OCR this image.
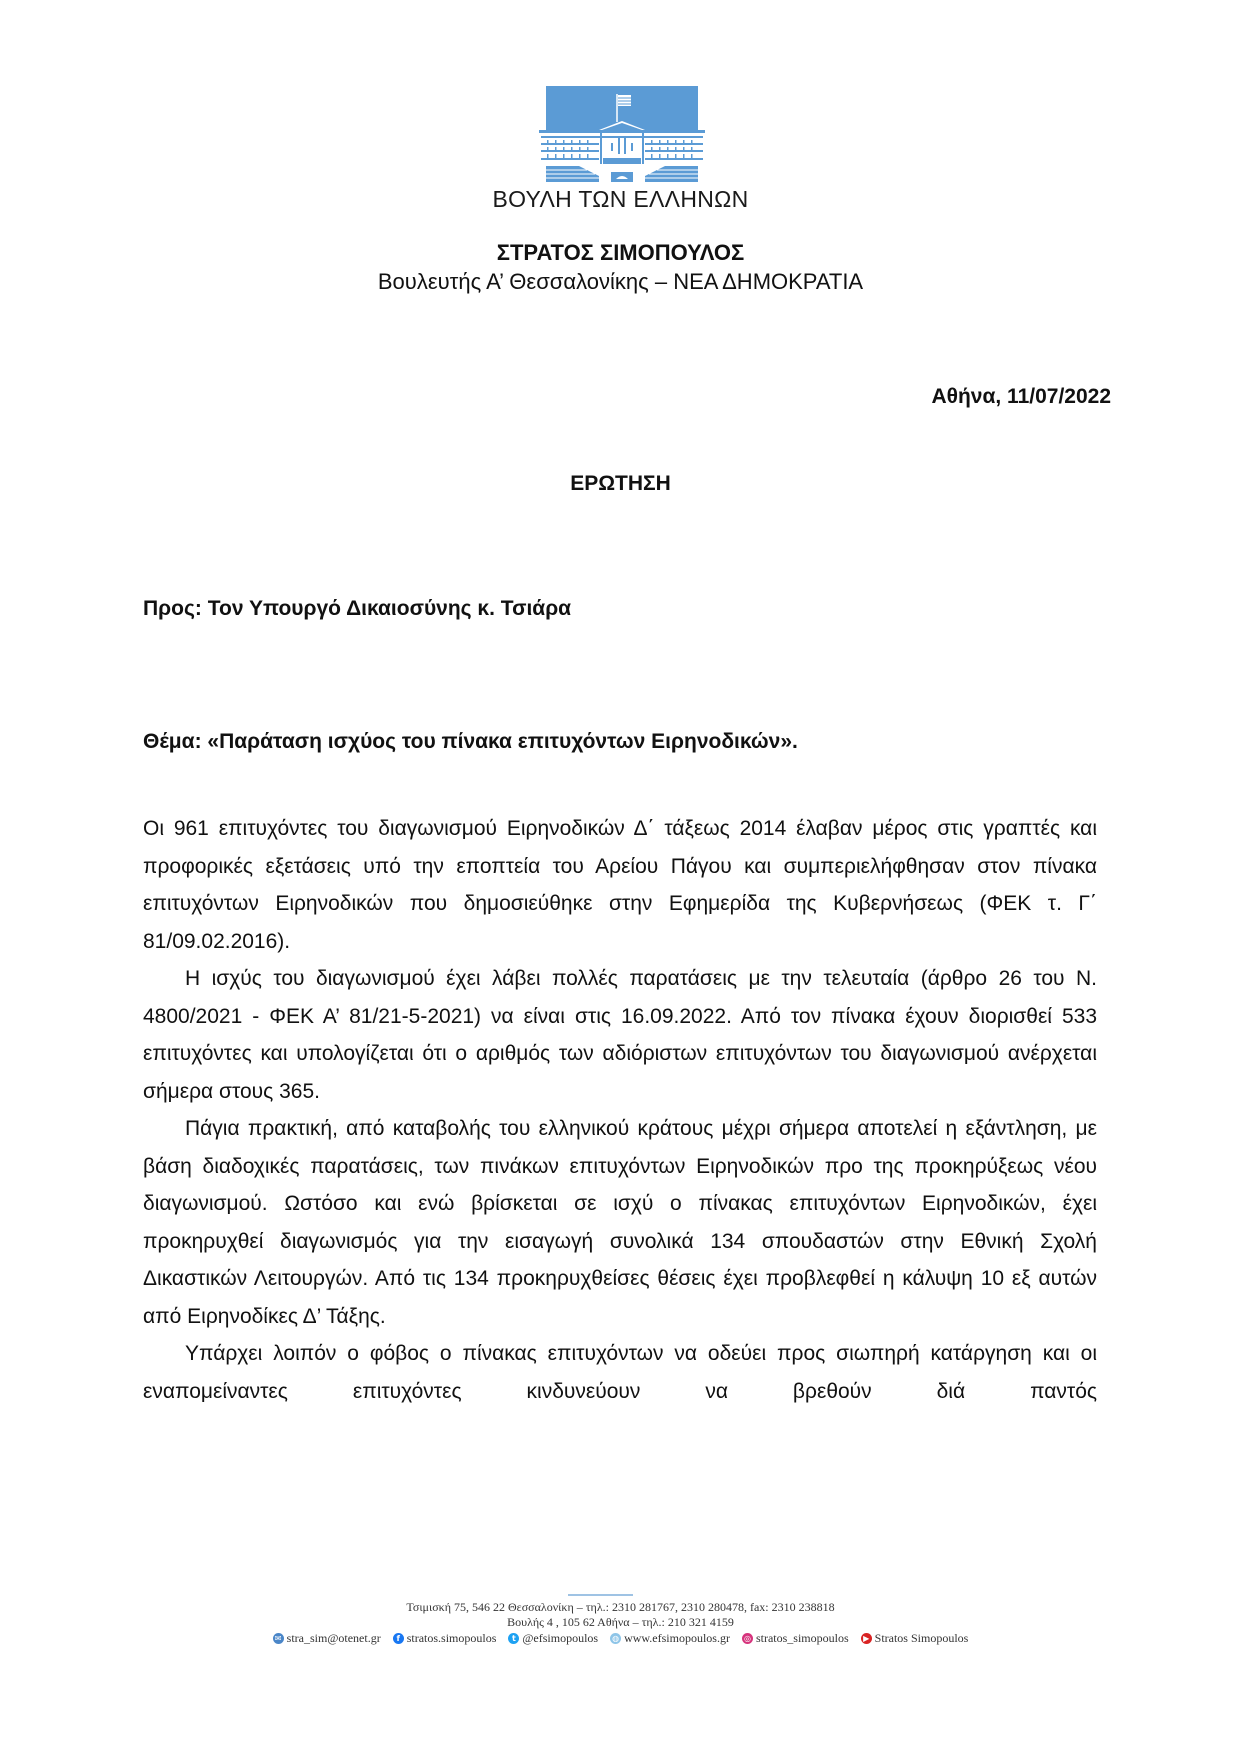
ΒΟΥΛΗ ΤΩΝ ΕΛΛΗΝΩΝ
ΣΤΡΑΤΟΣ ΣΙΜΟΠΟΥΛΟΣ
Βουλευτής Α’ Θεσσαλονίκης – ΝΕΑ ΔΗΜΟΚΡΑΤΙΑ
Αθήνα, 11/07/2022
ΕΡΩΤΗΣΗ
Προς: Τον Υπουργό Δικαιοσύνης κ. Τσιάρα
Θέμα: «Παράταση ισχύος του πίνακα επιτυχόντων Ειρηνοδικών».

Οι 961 επιτυχόντες του διαγωνισμού Ειρηνοδικών Δ΄ τάξεως 2014 έλαβαν μέρος στις γραπτές και προφορικές εξετάσεις υπό την εποπτεία του Αρείου Πάγου και συμπεριελήφθησαν στον πίνακα επιτυχόντων Ειρηνοδικών που δημοσιεύθηκε στην Εφημερίδα της Κυβερνήσεως (ΦΕΚ τ. Γ΄ 81/09.02.2016).

Η ισχύς του διαγωνισμού έχει λάβει πολλές παρατάσεις με την τελευταία (άρθρο 26 του Ν. 4800/2021 - ΦΕΚ Α’ 81/21-5-2021) να είναι στις 16.09.2022. Από τον πίνακα έχουν διορισθεί 533 επιτυχόντες και υπολογίζεται ότι ο αριθμός των αδιόριστων επιτυχόντων του διαγωνισμού ανέρχεται σήμερα στους 365.

Πάγια πρακτική, από καταβολής του ελληνικού κράτους μέχρι σήμερα αποτελεί η εξάντληση, με βάση διαδοχικές παρατάσεις, των πινάκων επιτυχόντων Ειρηνοδικών προ της προκηρύξεως νέου διαγωνισμού. Ωστόσο και ενώ βρίσκεται σε ισχύ ο πίνακας επιτυχόντων Ειρηνοδικών, έχει προκηρυχθεί διαγωνισμός για την εισαγωγή συνολικά 134 σπουδαστών στην Εθνική Σχολή Δικαστικών Λειτουργών. Από τις 134 προκηρυχθείσες θέσεις έχει προβλεφθεί η κάλυψη 10 εξ αυτών από Ειρηνοδίκες Δ’ Τάξης.

Υπάρχει λοιπόν ο φόβος ο πίνακας επιτυχόντων να οδεύει προς σιωπηρή κατάργηση και οι εναπομείναντες επιτυχόντες κινδυνεύουν να βρεθούν διά παντός

Τσιμισκή 75, 546 22 Θεσσαλονίκη – τηλ.: 2310 281767, 2310 280478, fax: 2310 238818
Βουλής 4 , 105 62 Αθήνα – τηλ.: 210 321 4159
✉ stra_sim@otenet.gr	f stratos.simopoulos	t @efsimopoulos ◍ www.efsimopoulos.gr ◎ stratos_simopoulos	▶ Stratos Simopoulos
